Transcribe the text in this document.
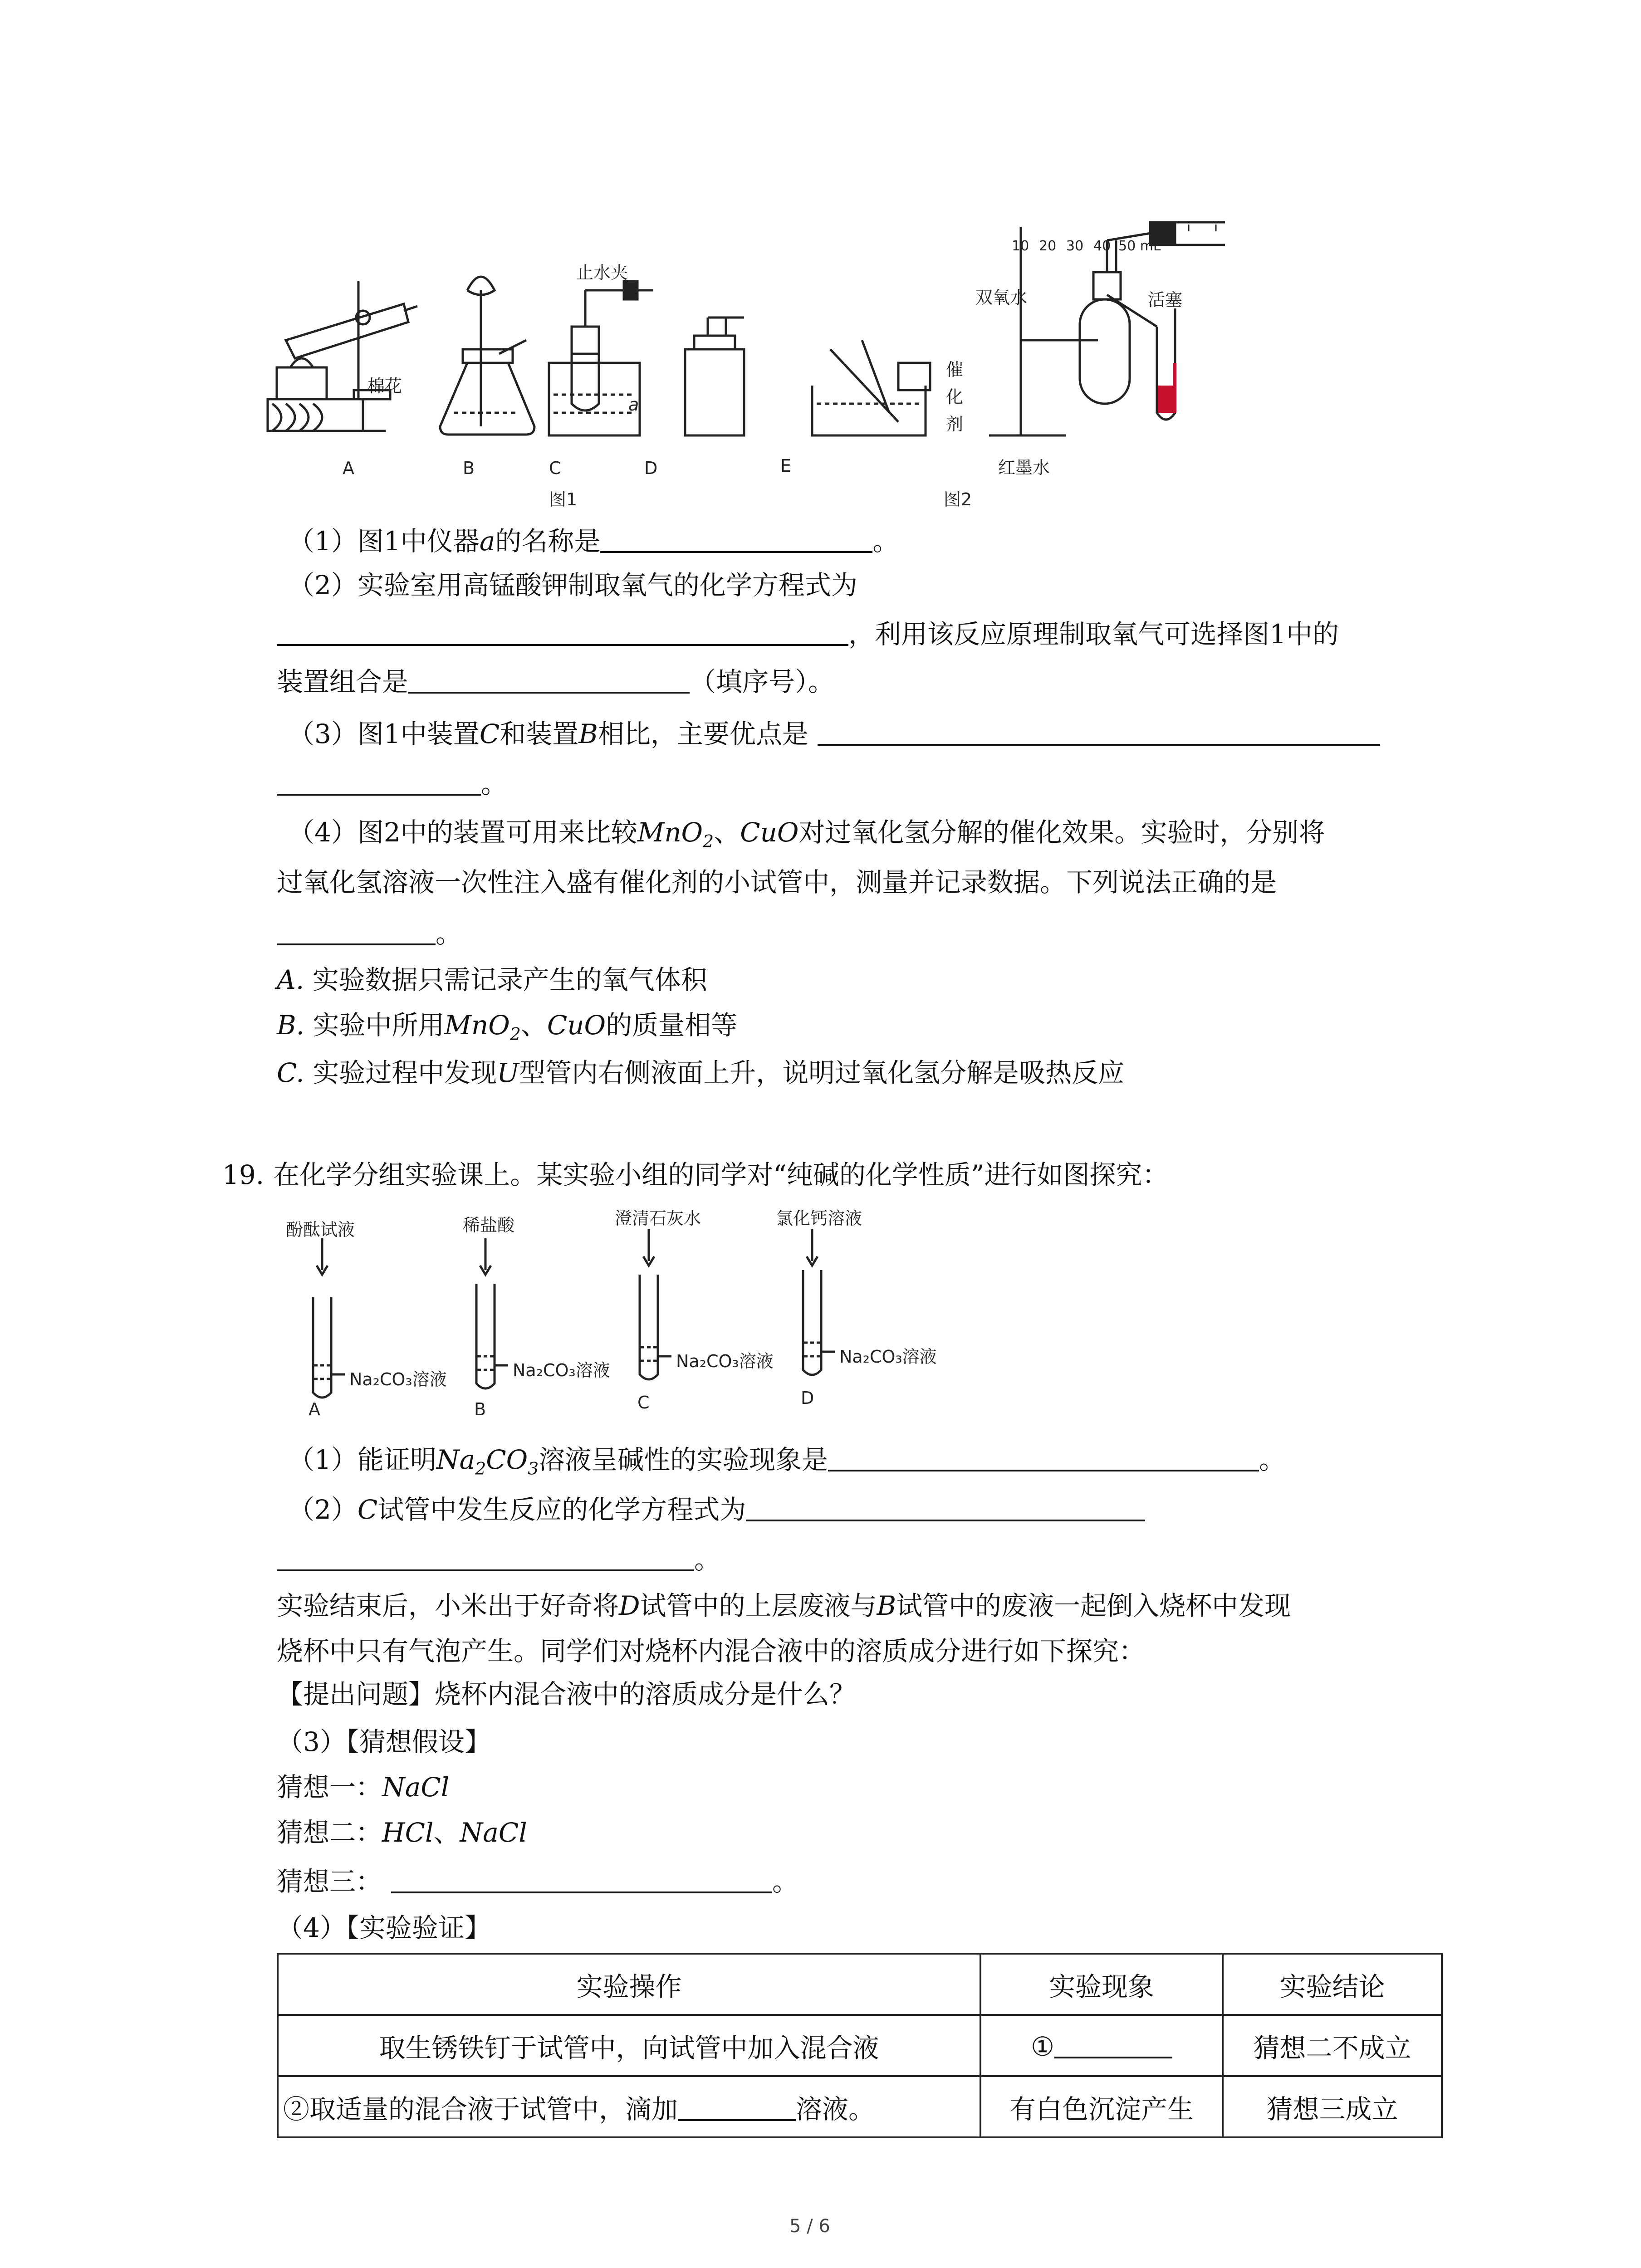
棉花
止水夹
a
A	B	C	D	E
图1
10 20 30 40 50 mL
双氧水	活塞
催化剂
红墨水
图2
（1）图1中仪器a的名称是	。
（2）实验室用高锰酸钾制取氧气的化学方程式为
，利用该反应原理制取氧气可选择图1中的
装置组合是	（填序号）。
（3）图1中装置C和装置B相比，主要优点是
。
（4）图2中的装置可用来比较MnO$_2$、CuO对过氧化氢分解的催化效果。实验时，分别将
过氧化氢溶液一次性注入盛有催化剂的小试管中，测量并记录数据。下列说法正确的是
。
A. 实验数据只需记录产生的氧气体积
B. 实验中所用MnO$_2$、CuO的质量相等
C. 实验过程中发现U型管内右侧液面上升，说明过氧化氢分解是吸热反应
19. 在化学分组实验课上。某实验小组的同学对“纯碱的化学性质”进行如图探究：
酚酞试液	稀盐酸	澄清石灰水	氯化钙溶液
Na₂CO₃溶液	Na₂CO₃溶液	Na₂CO₃溶液	Na₂CO₃溶液
A	B	C	D
（1）能证明$Na_2CO_3$溶液呈碱性的实验现象是	。
（2）C试管中发生反应的化学方程式为
。
实验结束后，小米出于好奇将D试管中的上层废液与B试管中的废液一起倒入烧杯中发现
烧杯中只有气泡产生。同学们对烧杯内混合液中的溶质成分进行如下探究：
【提出问题】烧杯内混合液中的溶质成分是什么？
（3）【猜想假设】
猜想一：NaCl
猜想二：HCl、NaCl
猜想三：	。
（4）【实验验证】
实验操作	实验现象	实验结论
取生锈铁钉于试管中，向试管中加入混合液	①	猜想二不成立
②取适量的混合液于试管中，滴加 溶液。	有白色沉淀产生	猜想三成立
5 / 6
